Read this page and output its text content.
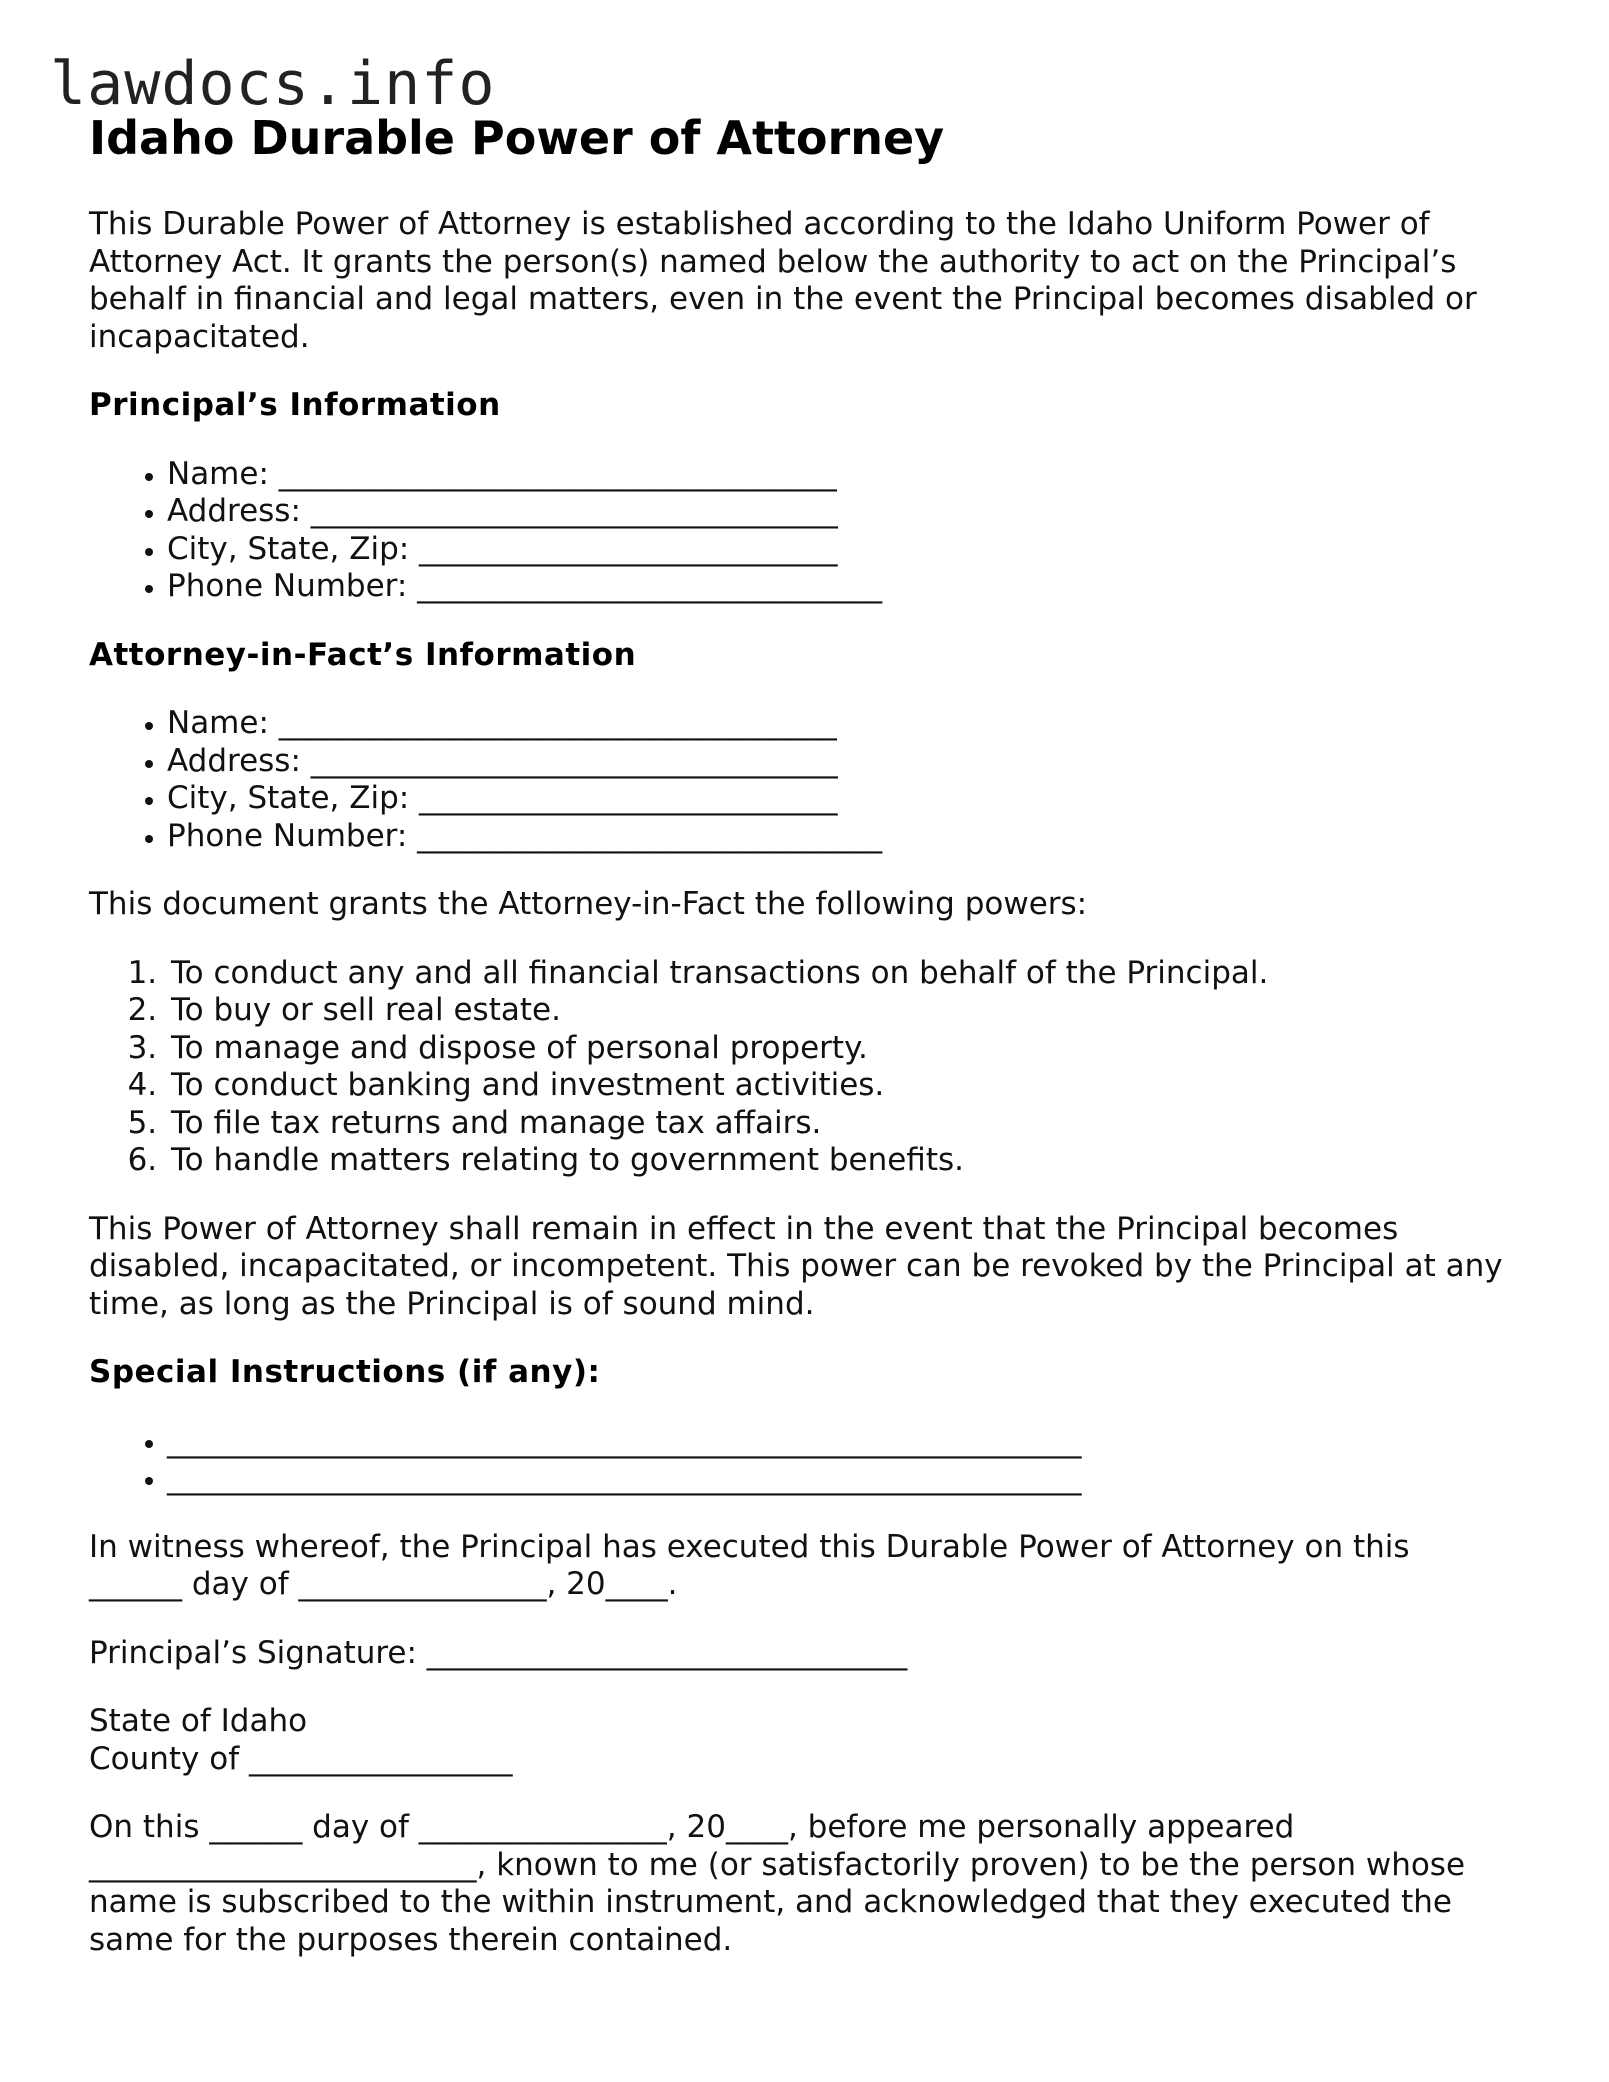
lawdocs.info
Idaho Durable Power of Attorney

This Durable Power of Attorney is established according to the Idaho Uniform Power of Attorney Act. It grants the person(s) named below the authority to act on the Principal’s behalf in financial and legal matters, even in the event the Principal becomes disabled or incapacitated.

Principal’s Information
• Name: ____________________________________
• Address: __________________________________
• City, State, Zip: ___________________________
• Phone Number: ______________________________
Attorney-in-Fact’s Information
• Name: ____________________________________
• Address: __________________________________
• City, State, Zip: ___________________________
• Phone Number: ______________________________

This document grants the Attorney-in-Fact the following powers:

1. To conduct any and all financial transactions on behalf of the Principal.
2. To buy or sell real estate.
3. To manage and dispose of personal property.
4. To conduct banking and investment activities.
5. To file tax returns and manage tax affairs.
6. To handle matters relating to government benefits.

This Power of Attorney shall remain in effect in the event that the Principal becomes disabled, incapacitated, or incompetent. This power can be revoked by the Principal at any time, as long as the Principal is of sound mind.

Special Instructions (if any):
• ___________________________________________________________
• ___________________________________________________________
In witness whereof, the Principal has executed this Durable Power of Attorney on this
______ day of ________________, 20____.

Principal’s Signature: _______________________________

State of Idaho
County of _________________
On this ______ day of ________________, 20____, before me personally appeared
_________________________, known to me (or satisfactorily proven) to be the person whose
name is subscribed to the within instrument, and acknowledged that they executed the
same for the purposes therein contained.
